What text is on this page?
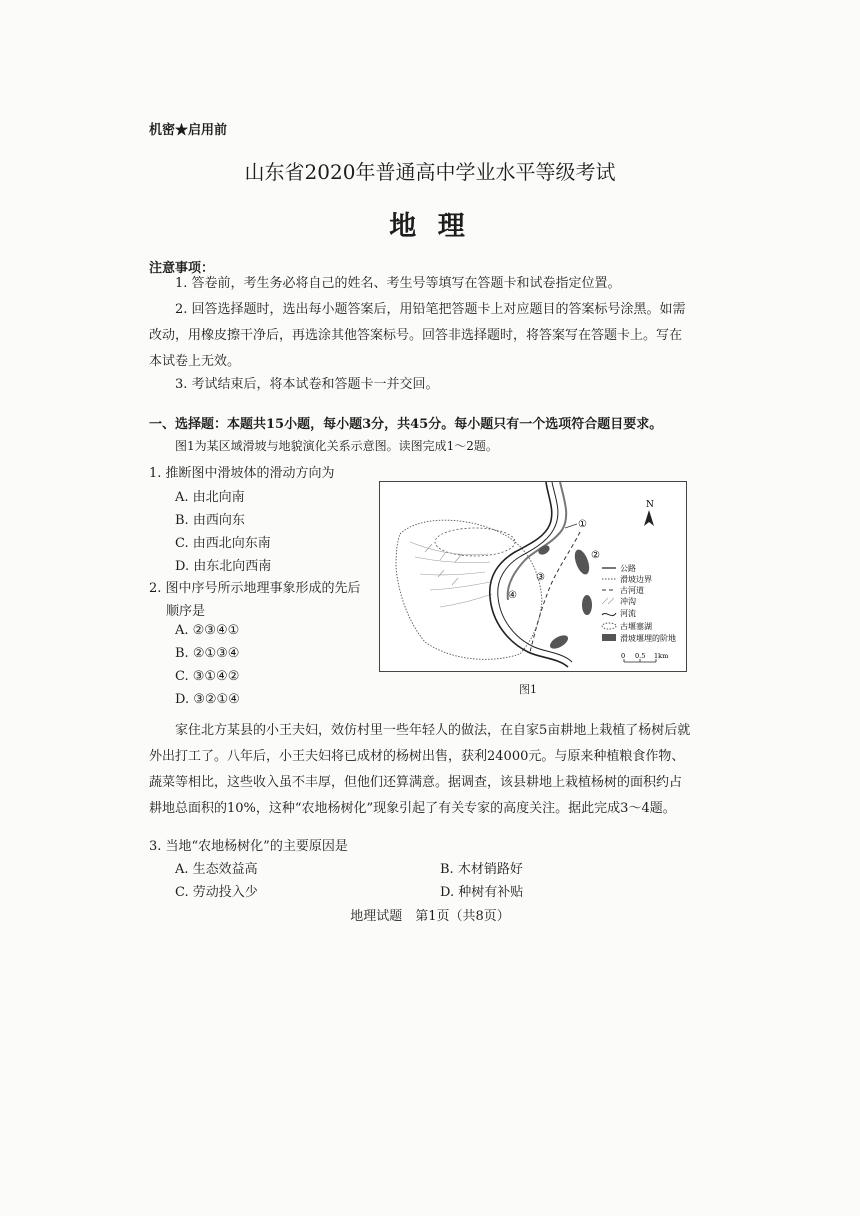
机密★启用前
山东省2020年普通高中学业水平等级考试
地 理
注意事项：
1. 答卷前，考生务必将自己的姓名、考生号等填写在答题卡和试卷指定位置。
2. 回答选择题时，选出每小题答案后，用铅笔把答题卡上对应题目的答案标号涂黑。如需改动，用橡皮擦干净后，再选涂其他答案标号。回答非选择题时，将答案写在答题卡上。写在本试卷上无效。
3. 考试结束后，将本试卷和答题卡一并交回。
一、选择题：本题共15小题，每小题3分，共45分。每小题只有一个选项符合题目要求。
图1为某区域滑坡与地貌演化关系示意图。读图完成1～2题。
1. 推断图中滑坡体的滑动方向为
A. 由北向南
B. 由西向东
C. 由西北向东南
D. 由东北向西南
2. 图中序号所示地理事象形成的先后
顺序是
A. ②③④①
B. ②①③④
C. ③①④②
D. ③②①④
①
②
③
④
N
公路
滑坡边界
古河道
冲沟
河流
古堰塞湖
滑坡堰埋的阶地
0 0.5 1km
图1
家住北方某县的小王夫妇，效仿村里一些年轻人的做法，在自家5亩耕地上栽植了杨树后就外出打工了。八年后，小王夫妇将已成材的杨树出售，获利24000元。与原来种植粮食作物、蔬菜等相比，这些收入虽不丰厚，但他们还算满意。据调查，该县耕地上栽植杨树的面积约占耕地总面积的10%，这种“农地杨树化”现象引起了有关专家的高度关注。据此完成3～4题。
3. 当地“农地杨树化”的主要原因是
A. 生态效益高	B. 木材销路好
C. 劳动投入少	D. 种树有补贴
地理试题　第1页（共8页）
